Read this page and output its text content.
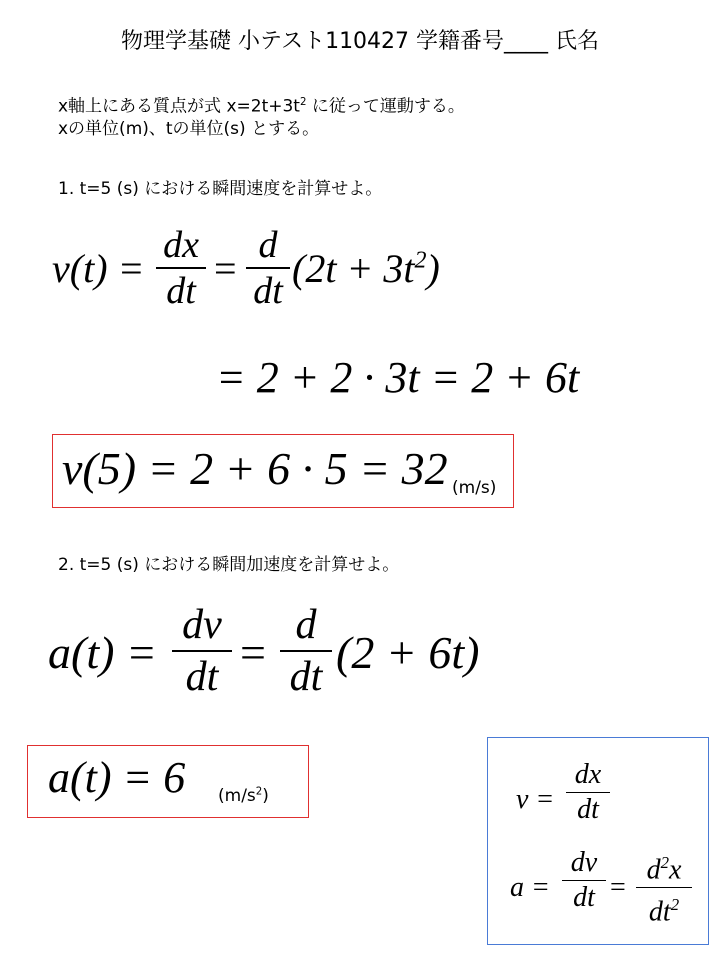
物理学基礎 小テスト110427 学籍番号____ 氏名
x軸上にある質点が式 $x=2t+3t^2$ に従って運動する。
xの単位(m)、tの単位(s) とする。
1. t=5 (s) における瞬間速度を計算せよ。
v(t) =
dx
dt =
d
dt $(2t + 3t^2)$
= 2 + 2 · 3t = 2 + 6t
v(5) = 2 + 6 · 5 = 32 (m/s)
2. t=5 (s) における瞬間加速度を計算せよ。
a(t) =
dv
dt =
d
dt (2 + 6t)
a(t) = 6 $(m/s^2)$	v =
dx
dt
a =
dv
dt =
$d^2x$
$dt^2$
